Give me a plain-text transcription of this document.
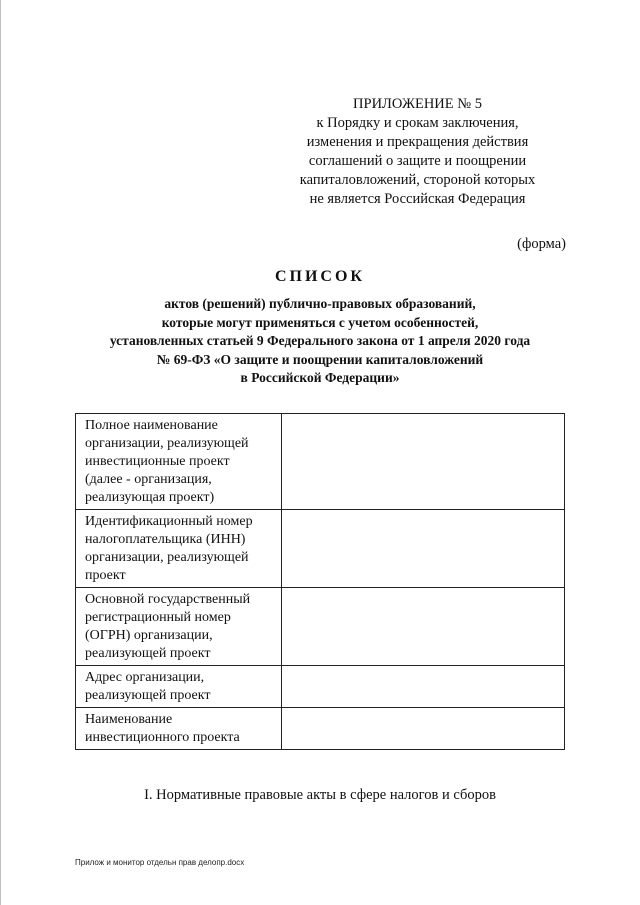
ПРИЛОЖЕНИЕ № 5
к Порядку и срокам заключения,
изменения и прекращения действия
соглашений о защите и поощрении
капиталовложений, стороной которых
не является Российская Федерация
(форма)
СПИСОК
актов (решений) публично-правовых образований,
которые могут применяться с учетом особенностей,
установленных статьей 9 Федерального закона от 1 апреля 2020 года
№ 69-ФЗ «О защите и поощрении капиталовложений
в Российской Федерации»
Полное наименование
организации, реализующей
инвестиционные проект
(далее - организация,
реализующая проект)	

Идентификационный номер
налогоплательщика (ИНН)
организации, реализующей
проект	

Основной государственный
регистрационный номер
(ОГРН) организации,
реализующей проект	

Адрес организации,
реализующей проект	

Наименование
инвестиционного проекта	

I. Нормативные правовые акты в сфере налогов и сборов
Прилож и монитор отдельн прав делопр.docx
